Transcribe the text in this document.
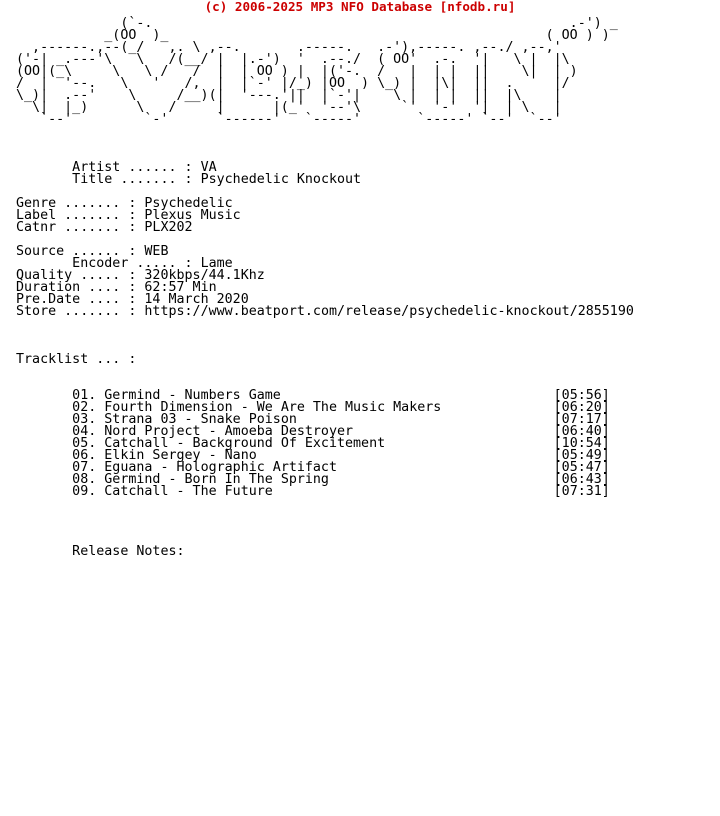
(c) 2006-2025 MP3 NFO Database [nfodb.ru]
(`-.                                                    .-') _
_(OO  )_                                               ( OO ) )
,------.,--(_/   ,. \ ,--.       .-----.   .-'),-----. ,--./ ,--,'
('-| _.---'\   \   /(__/ |  |.-')  '  .--./  ( OO'  .-.  '|   \ |  |\
(OO|(_\     \   \ /   /  |  | OO ) |  |('-.  /   |  | |  ||    \|  | )
/  |  '--.   \   '   /,  |  |`-' |/_) |OO  ) \_) |  |\|  ||  .     |/
\_)|  .--'    \     /__)(|  '---.'||  |`-'|    \ |  | |  ||  |\    |
\|  |_)      \   /     |      |(_'  '--'\     `'  '-'  '|  | \   |
`--'         `-'      `------'   `-----'       `-----' `--'  `--'

Artist ...... : VA
Title ....... : Psychedelic Knockout

Genre ....... : Psychedelic
Label ....... : Plexus Music
Catnr ....... : PLX202

Source ...... : WEB
Encoder ..... : Lame
Quality ..... : 320kbps/44.1Khz
Duration .... : 62:57 Min
Pre.Date .... : 14 March 2020
Store ....... : https://www.beatport.com/release/psychedelic-knockout/2855190

Tracklist ... :

01. Germind - Numbers Game	[05:56]
02. Fourth Dimension - We Are The Music Makers	[06:20]
03. Strana 03 - Snake Poison	[07:17]
04. Nord Project - Amoeba Destroyer	[06:40]
05. Catchall - Background Of Excitement	[10:54]
06. Elkin Sergey - Nano	[05:49]
07. Eguana - Holographic Artifact	[05:47]
08. Germind - Born In The Spring	[06:43]
09. Catchall - The Future	[07:31]

Release Notes:
